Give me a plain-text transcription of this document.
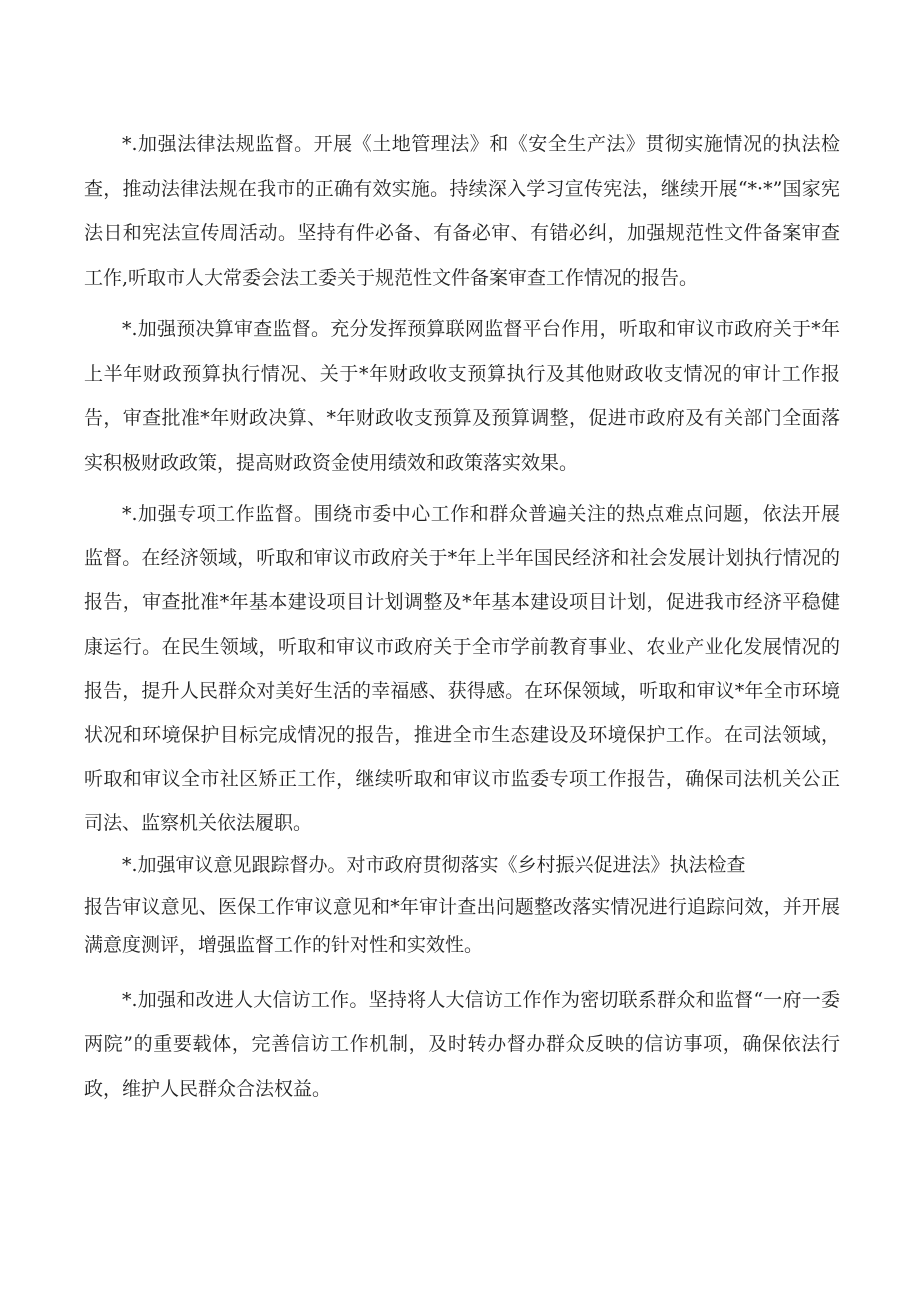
*.加强法律法规监督。开展《土地管理法》和《安全生产法》贯彻实施情况的执法检查，推动法律法规在我市的正确有效实施。持续深入学习宣传宪法，继续开展“*·*”国家宪法日和宪法宣传周活动。坚持有件必备、有备必审、有错必纠，加强规范性文件备案审查工作,听取市人大常委会法工委关于规范性文件备案审查工作情况的报告。

*.加强预决算审查监督。充分发挥预算联网监督平台作用，听取和审议市政府关于*年上半年财政预算执行情况、关于*年财政收支预算执行及其他财政收支情况的审计工作报告，审查批准*年财政决算、*年财政收支预算及预算调整，促进市政府及有关部门全面落实积极财政政策，提高财政资金使用绩效和政策落实效果。

*.加强专项工作监督。围绕市委中心工作和群众普遍关注的热点难点问题，依法开展监督。在经济领域，听取和审议市政府关于*年上半年国民经济和社会发展计划执行情况的报告，审查批准*年基本建设项目计划调整及*年基本建设项目计划，促进我市经济平稳健康运行。在民生领域，听取和审议市政府关于全市学前教育事业、农业产业化发展情况的报告，提升人民群众对美好生活的幸福感、获得感。在环保领域，听取和审议*年全市环境状况和环境保护目标完成情况的报告，推进全市生态建设及环境保护工作。在司法领域，听取和审议全市社区矫正工作，继续听取和审议市监委专项工作报告，确保司法机关公正司法、监察机关依法履职。

*.加强审议意见跟踪督办。对市政府贯彻落实《乡村振兴促进法》执法检查

报告审议意见、医保工作审议意见和*年审计查出问题整改落实情况进行追踪问效，并开展满意度测评，增强监督工作的针对性和实效性。

*.加强和改进人大信访工作。坚持将人大信访工作作为密切联系群众和监督“一府一委两院”的重要载体，完善信访工作机制，及时转办督办群众反映的信访事项，确保依法行政，维护人民群众合法权益。
